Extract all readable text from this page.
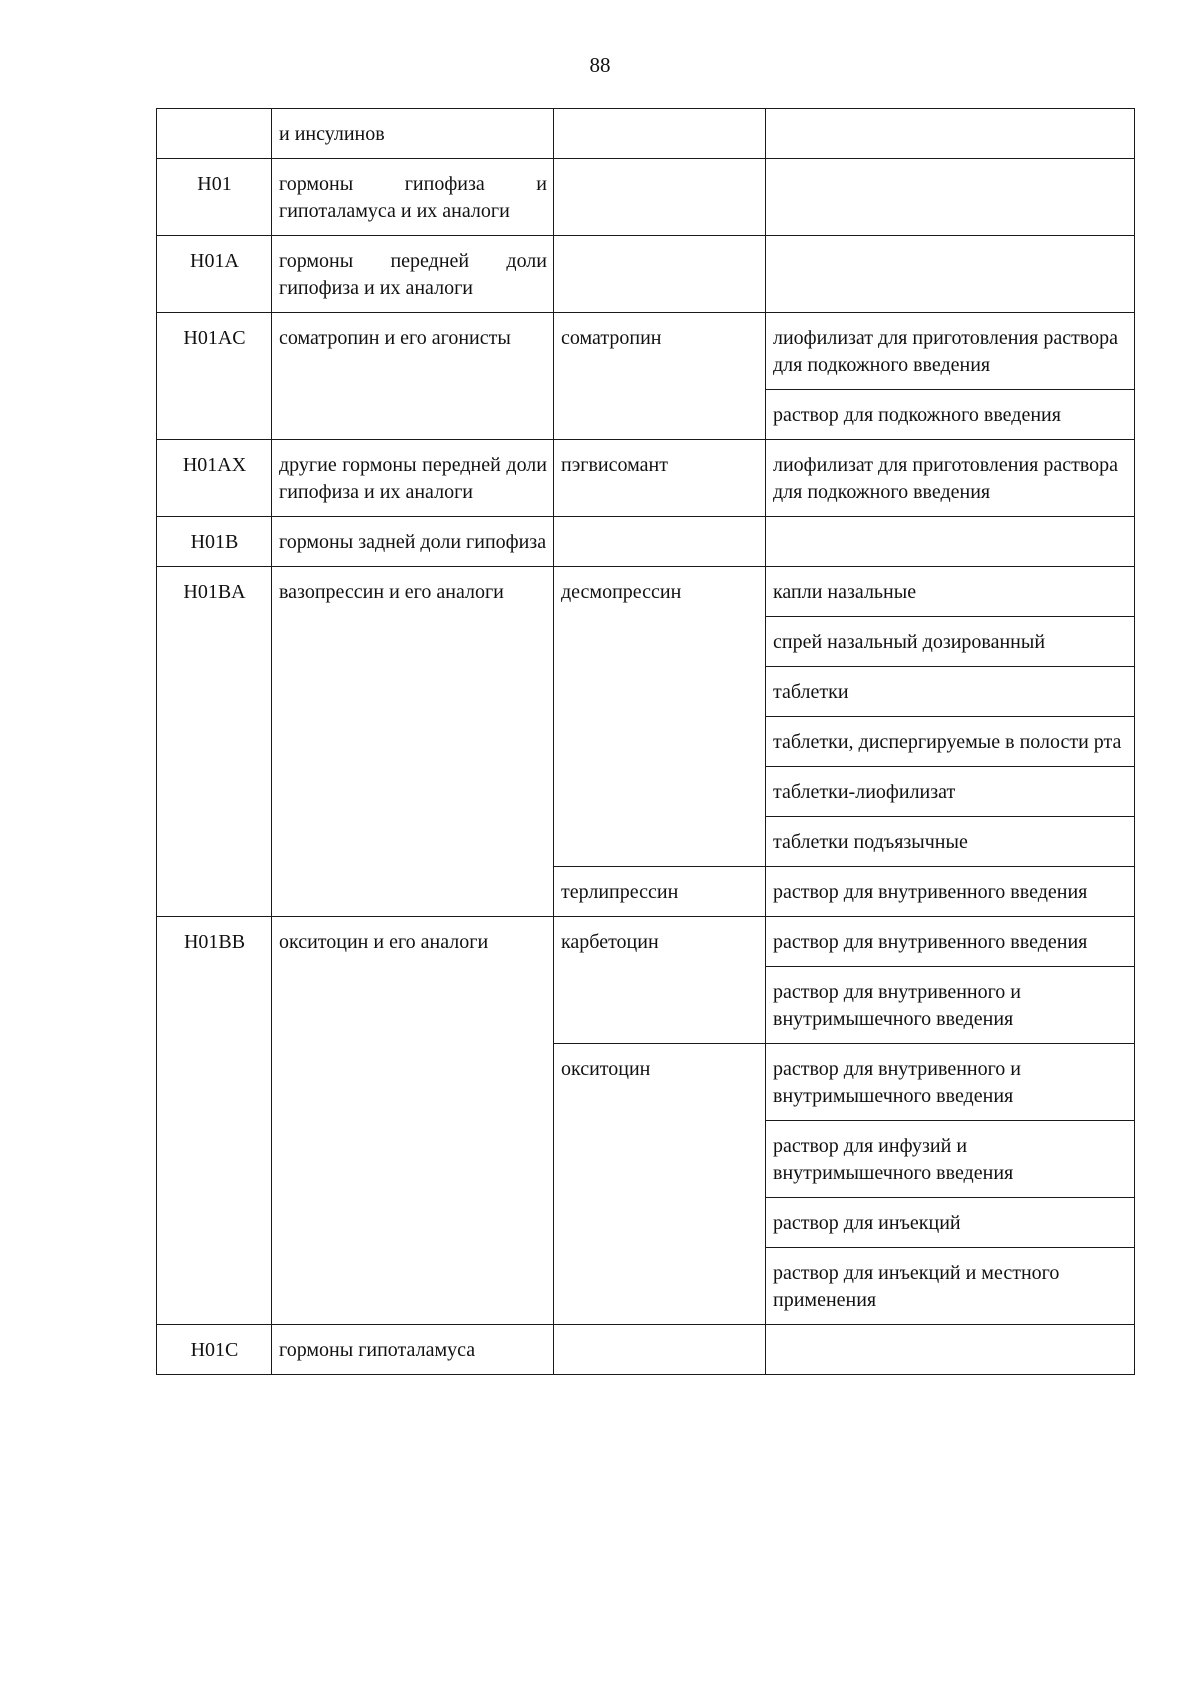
88
	и инсулинов		
H01	гормоны гипофиза и гипоталамуса и их аналоги		
H01A	гормоны передней доли гипофиза и их аналоги		
H01AC	соматропин и его агонисты	соматропин	лиофилизат для приготовления раствора для подкожного введения
			раствор для подкожного введения
H01AX	другие гормоны передней доли гипофиза и их аналоги	пэгвисомант	лиофилизат для приготовления раствора для подкожного введения
H01B	гормоны задней доли гипофиза		
H01BA	вазопрессин и его аналоги	десмопрессин	капли назальные
			спрей назальный дозированный
			таблетки
			таблетки, диспергируемые в полости рта
			таблетки-лиофилизат
			таблетки подъязычные
		терлипрессин	раствор для внутривенного введения
H01BB	окситоцин и его аналоги	карбетоцин	раствор для внутривенного введения
			раствор для внутривенного и внутримышечного введения
		окситоцин	раствор для внутривенного и внутримышечного введения
			раствор для инфузий и внутримышечного введения
			раствор для инъекций
			раствор для инъекций и местного применения
H01C	гормоны гипоталамуса		
